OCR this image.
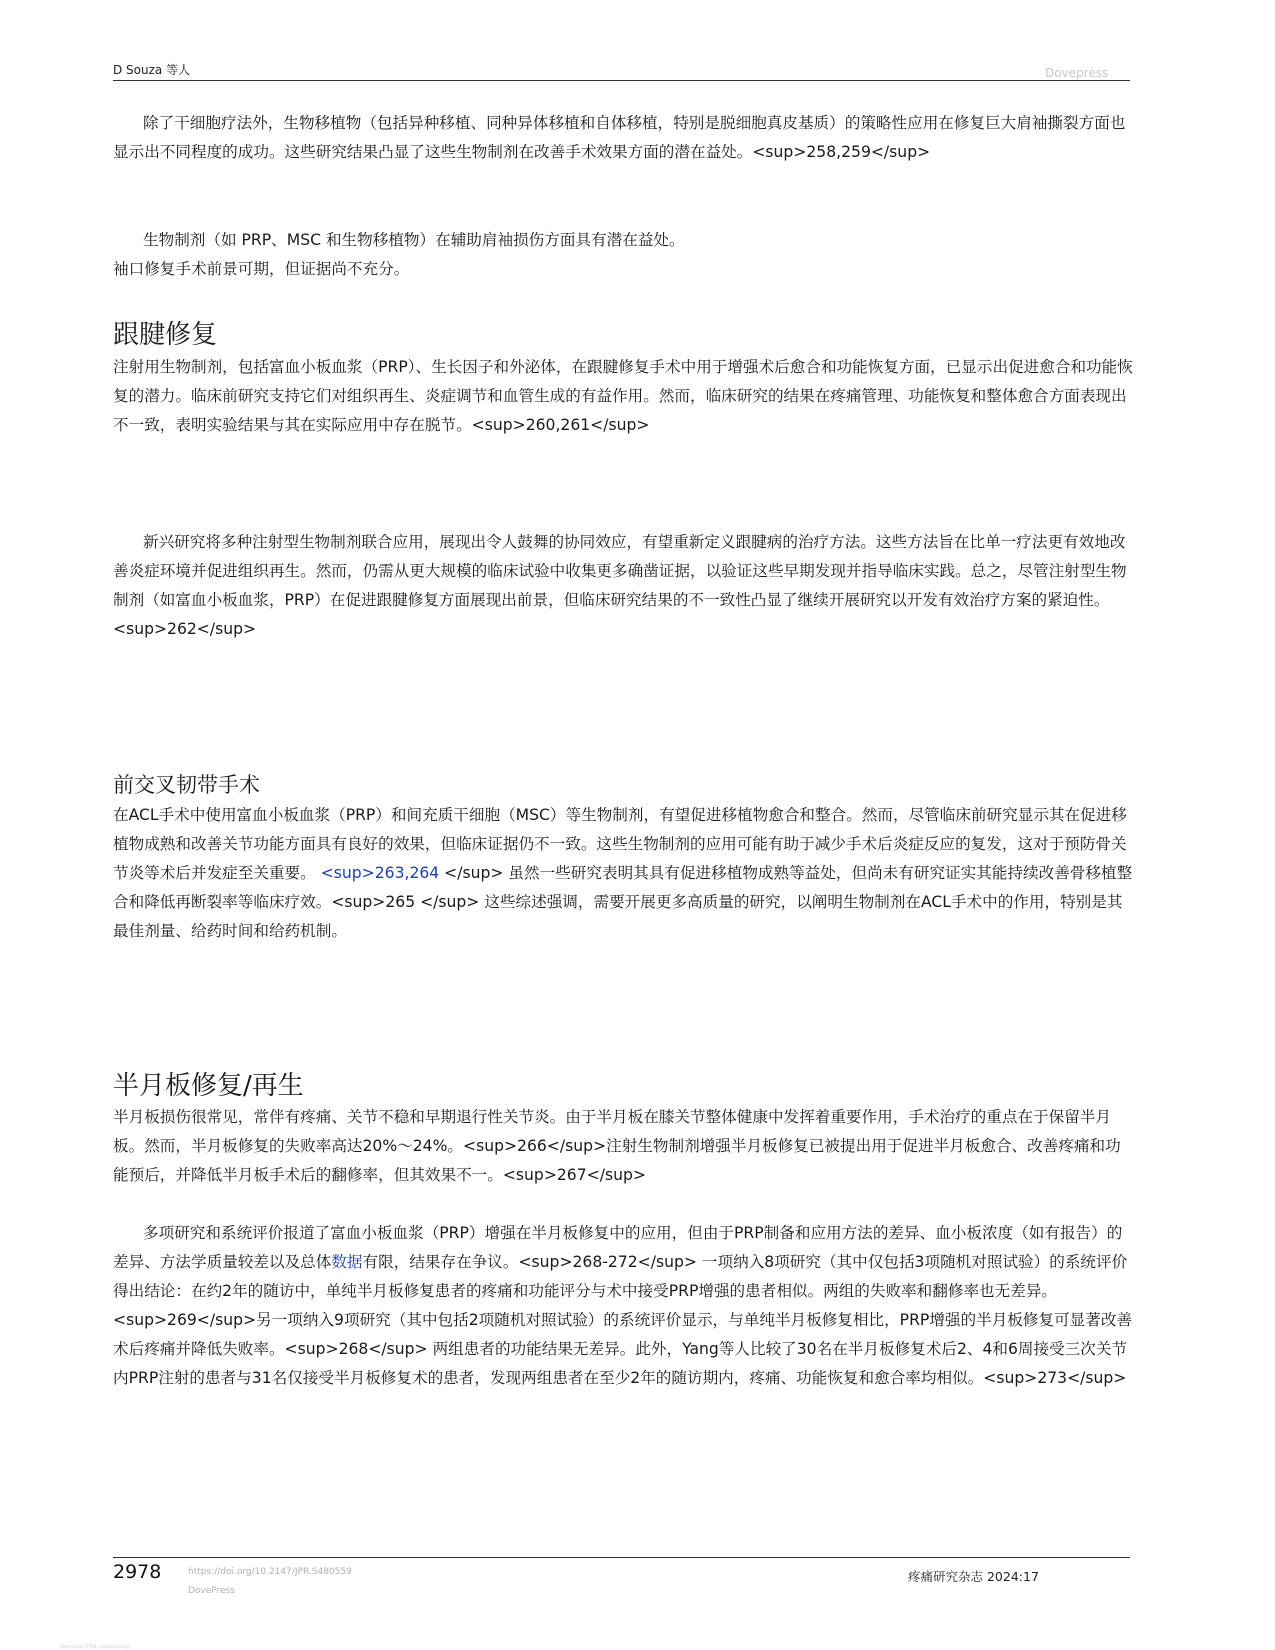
D Souza 等人	Dovepress
除了干细胞疗法外，生物移植物（包括异种移植、同种异体移植和自体移植，特别是脱细胞真皮基质）的策略性应用在修复巨大肩袖撕裂方面也显示出不同程度的成功。这些研究结果凸显了这些生物制剂在改善手术效果方面的潜在益处。<sup>258,259</sup>
生物制剂（如 PRP、MSC 和生物移植物）在辅助肩袖损伤方面具有潜在益处。
袖口修复手术前景可期，但证据尚不充分。
跟腱修复
注射用生物制剂，包括富血小板血浆（PRP）、生长因子和外泌体，在跟腱修复手术中用于增强术后愈合和功能恢复方面，已显示出促进愈合和功能恢复的潜力。临床前研究支持它们对组织再生、炎症调节和血管生成的有益作用。然而，临床研究的结果在疼痛管理、功能恢复和整体愈合方面表现出不一致，表明实验结果与其在实际应用中存在脱节。<sup>260,261</sup>
新兴研究将多种注射型生物制剂联合应用，展现出令人鼓舞的协同效应，有望重新定义跟腱病的治疗方法。这些方法旨在比单一疗法更有效地改善炎症环境并促进组织再生。然而，仍需从更大规模的临床试验中收集更多确凿证据，以验证这些早期发现并指导临床实践。总之，尽管注射型生物制剂（如富血小板血浆，PRP）在促进跟腱修复方面展现出前景，但临床研究结果的不一致性凸显了继续开展研究以开发有效治疗方案的紧迫性。<sup>262</sup>
前交叉韧带手术
在ACL手术中使用富血小板血浆（PRP）和间充质干细胞（MSC）等生物制剂，有望促进移植物愈合和整合。然而，尽管临床前研究显示其在促进移植物成熟和改善关节功能方面具有良好的效果，但临床证据仍不一致。这些生物制剂的应用可能有助于减少手术后炎症反应的复发，这对于预防骨关节炎等术后并发症至关重要。 <sup>263,264 </sup> 虽然一些研究表明其具有促进移植物成熟等益处，但尚未有研究证实其能持续改善骨移植整合和降低再断裂率等临床疗效。<sup>265 </sup> 这些综述强调，需要开展更多高质量的研究，以阐明生物制剂在ACL手术中的作用，特别是其最佳剂量、给药时间和给药机制。
半月板修复/再生
半月板损伤很常见，常伴有疼痛、关节不稳和早期退行性关节炎。由于半月板在膝关节整体健康中发挥着重要作用，手术治疗的重点在于保留半月板。然而，半月板修复的失败率高达20%～24%。<sup>266</sup>注射生物制剂增强半月板修复已被提出用于促进半月板愈合、改善疼痛和功能预后，并降低半月板手术后的翻修率，但其效果不一。<sup>267</sup>
多项研究和系统评价报道了富血小板血浆（PRP）增强在半月板修复中的应用，但由于PRP制备和应用方法的差异、血小板浓度（如有报告）的差异、方法学质量较差以及总体数据有限，结果存在争议。<sup>268-272</sup> 一项纳入8项研究（其中仅包括3项随机对照试验）的系统评价得出结论：在约2年的随访中，单纯半月板修复患者的疼痛和功能评分与术中接受PRP增强的患者相似。两组的失败率和翻修率也无差异。<sup>269</sup>另一项纳入9项研究（其中包括2项随机对照试验）的系统评价显示，与单纯半月板修复相比，PRP增强的半月板修复可显著改善术后疼痛并降低失败率。<sup>268</sup> 两组患者的功能结果无差异。此外，Yang等人比较了30名在半月板修复术后2、4和6周接受三次关节内PRP注射的患者与31名仅接受半月板修复术的患者，发现两组患者在至少2年的随访期内，疼痛、功能恢复和愈合率均相似。<sup>273</sup>
2978	https://doi.org/10.2147/JPR.S480559
DovePress
疼痛研究杂志 2024:17
Powered by TCPDF (www.tcpdf.org)
